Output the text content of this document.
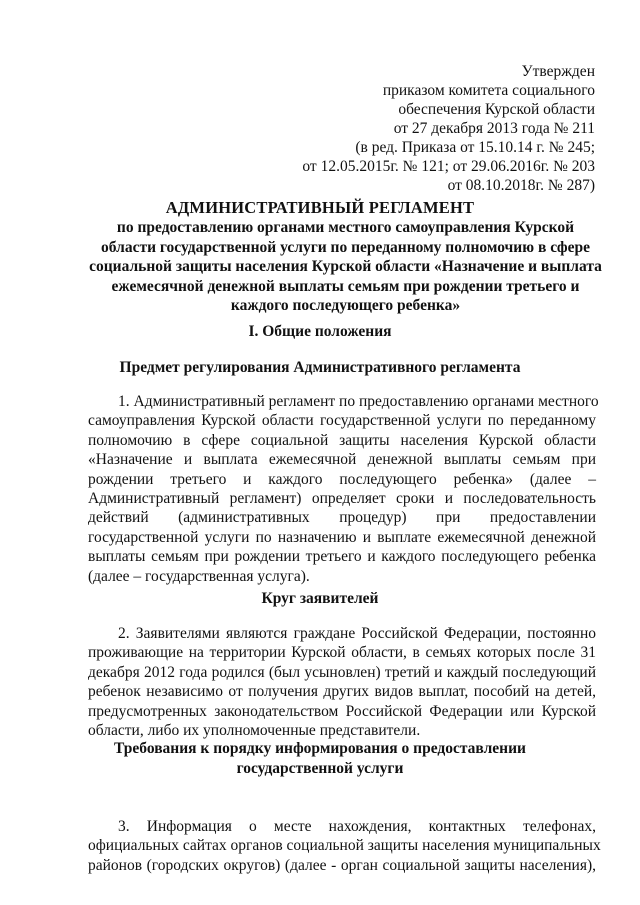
Утвержден
приказом комитета социального
обеспечения Курской области
от 27 декабря 2013 года № 211
(в ред. Приказа от 15.10.14 г. № 245;
от 12.05.2015г. № 121; от 29.06.2016г. № 203
от 08.10.2018г. № 287)
АДМИНИСТРАТИВНЫЙ РЕГЛАМЕНТ
по предоставлению органами местного самоуправления Курской
области государственной услуги по переданному полномочию в сфере
социальной защиты населения Курской области «Назначение и выплата
ежемесячной денежной выплаты семьям при рождении третьего и
каждого последующего ребенка»
I. Общие положения
Предмет регулирования Административного регламента
1. Административный регламент по предоставлению органами местного
самоуправления Курской области государственной услуги по переданному
полномочию в сфере социальной защиты населения Курской области
«Назначение и выплата ежемесячной денежной выплаты семьям при
рождении третьего и каждого последующего ребенка» (далее –
Административный регламент) определяет сроки и последовательность
действий (административных процедур) при предоставлении
государственной услуги по назначению и выплате ежемесячной денежной
выплаты семьям при рождении третьего и каждого последующего ребенка
(далее – государственная услуга).
Круг заявителей
2. Заявителями являются граждане Российской Федерации, постоянно
проживающие на территории Курской области, в семьях которых после 31
декабря 2012 года родился (был усыновлен) третий и каждый последующий
ребенок независимо от получения других видов выплат, пособий на детей,
предусмотренных законодательством Российской Федерации или Курской
области, либо их уполномоченные представители.
Требования к порядку информирования о предоставлении
государственной услуги
3. Информация о месте нахождения, контактных телефонах,
официальных сайтах органов социальной защиты населения муниципальных
районов (городских округов) (далее - орган социальной защиты населения),
